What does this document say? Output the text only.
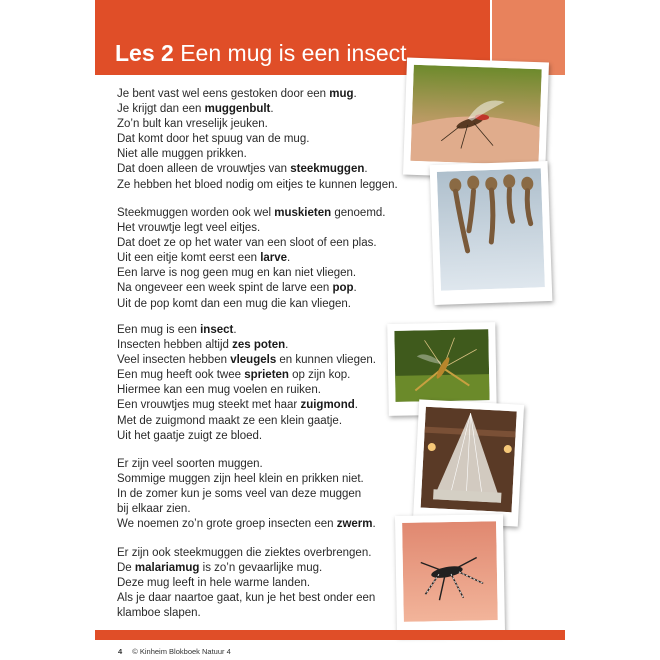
Les 2 Een mug is een insect
Je bent vast wel eens gestoken door een mug.
Je krijgt dan een muggenbult.
Zo’n bult kan vreselijk jeuken.
Dat komt door het spuug van de mug.
Niet alle muggen prikken.
Dat doen alleen de vrouwtjes van steekmuggen.
Ze hebben het bloed nodig om eitjes te kunnen leggen.
Steekmuggen worden ook wel muskieten genoemd.
Het vrouwtje legt veel eitjes.
Dat doet ze op het water van een sloot of een plas.
Uit een eitje komt eerst een larve.
Een larve is nog geen mug en kan niet vliegen.
Na ongeveer een week spint de larve een pop.
Uit de pop komt dan een mug die kan vliegen.
Een mug is een insect.
Insecten hebben altijd zes poten.
Veel insecten hebben vleugels en kunnen vliegen.
Een mug heeft ook twee sprieten op zijn kop.
Hiermee kan een mug voelen en ruiken.
Een vrouwtjes mug steekt met haar zuigmond.
Met de zuigmond maakt ze een klein gaatje.
Uit het gaatje zuigt ze bloed.
Er zijn veel soorten muggen.
Sommige muggen zijn heel klein en prikken niet.
In de zomer kun je soms veel van deze muggen
bij elkaar zien.
We noemen zo’n grote groep insecten een zwerm.
Er zijn ook steekmuggen die ziektes overbrengen.
De malariamug is zo’n gevaarlijke mug.
Deze mug leeft in hele warme landen.
Als je daar naartoe gaat, kun je het best onder een
klamboe slapen.
4 © Kinheim Blokboek Natuur 4
